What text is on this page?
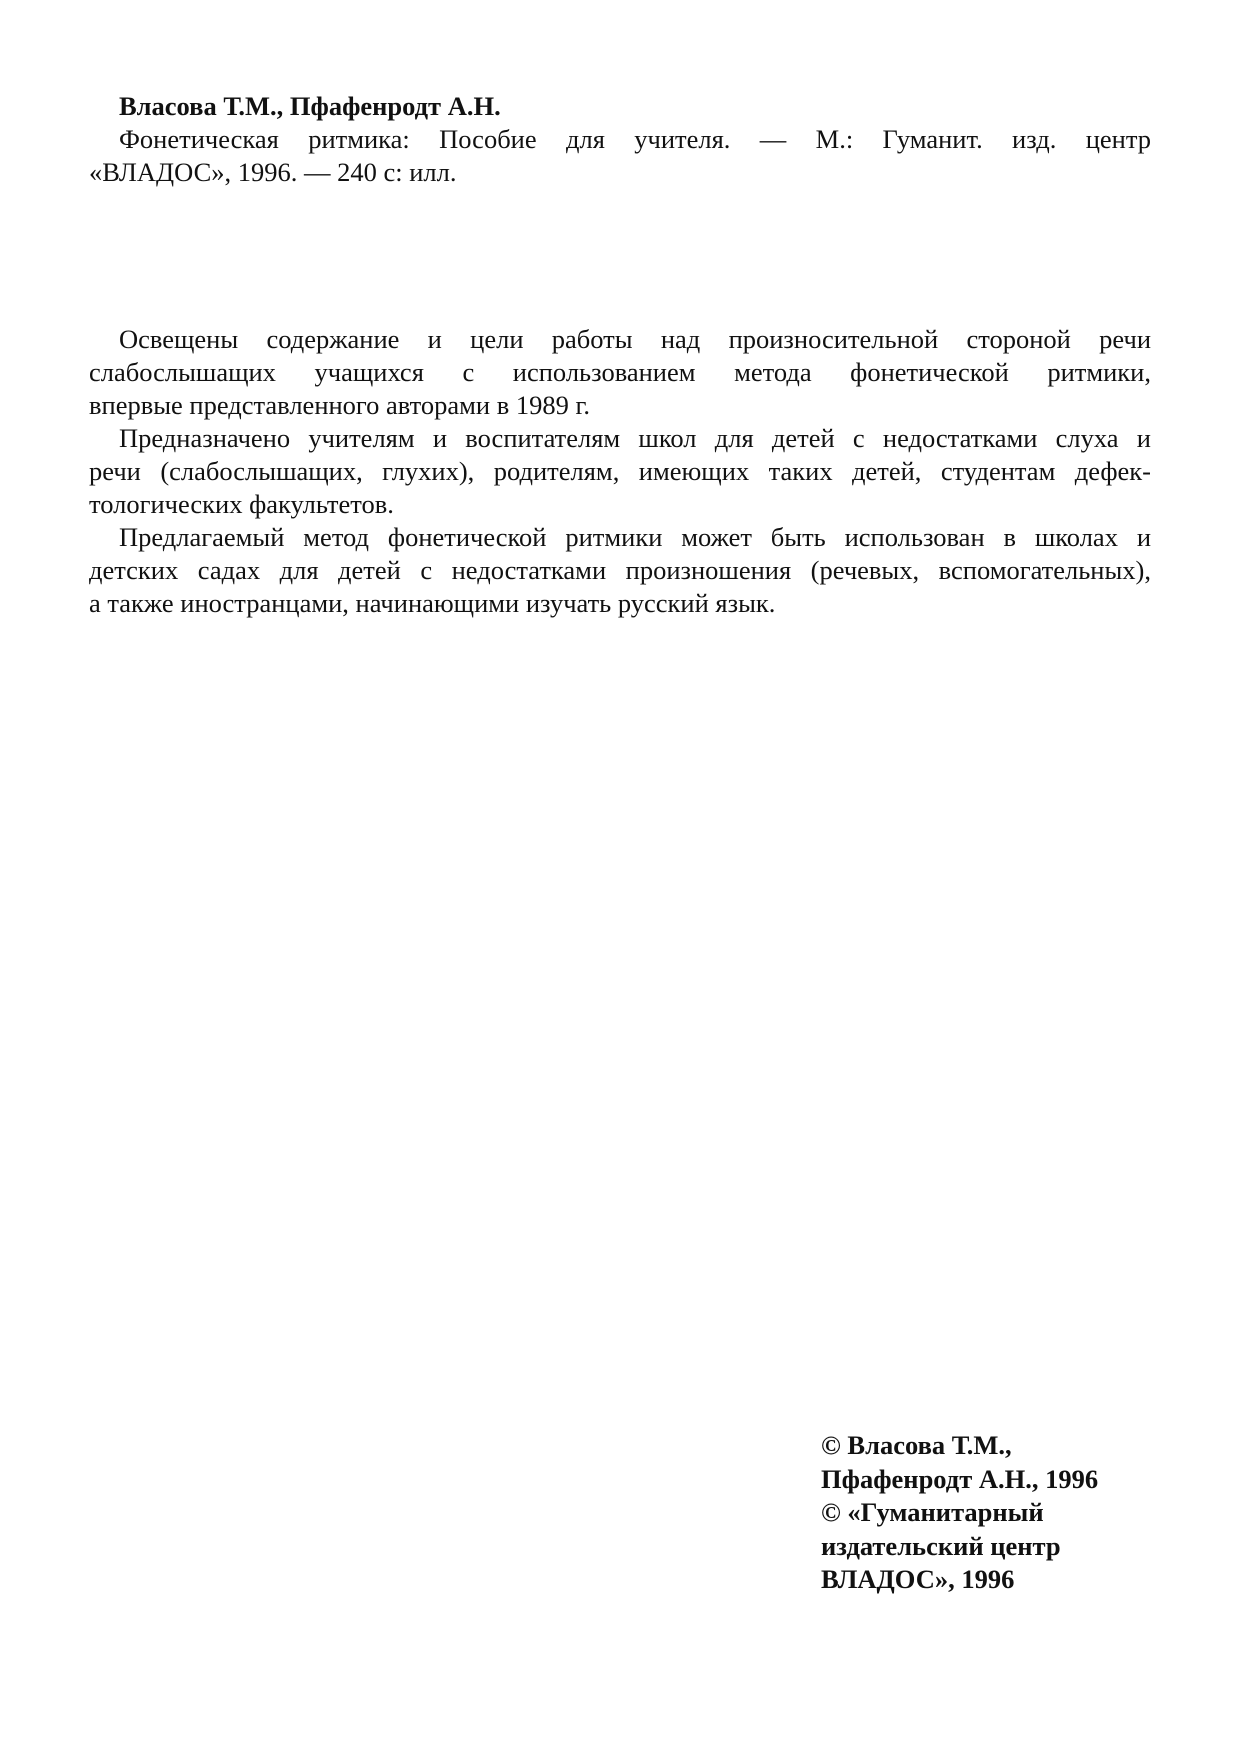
Власова Т.М., Пфафенродт А.Н.
Фонетическая ритмика: Пособие для учителя. — М.: Гуманит. изд. центр
«ВЛАДОС», 1996. — 240 с: илл.
Освещены содержание и цели работы над произносительной стороной речи
слабослышащих учащихся с использованием метода фонетической ритмики,
впервые представленного авторами в 1989 г.
Предназначено учителям и воспитателям школ для детей с недостатками слуха и
речи (слабослышащих, глухих), родителям, имеющих таких детей, студентам дефек-
тологических факультетов.
Предлагаемый метод фонетической ритмики может быть использован в школах и
детских садах для детей с недостатками произношения (речевых, вспомогательных),
а также иностранцами, начинающими изучать русский язык.
© Власова Т.М.,
Пфафенродт А.Н., 1996
© «Гуманитарный
издательский центр
ВЛАДОС», 1996
